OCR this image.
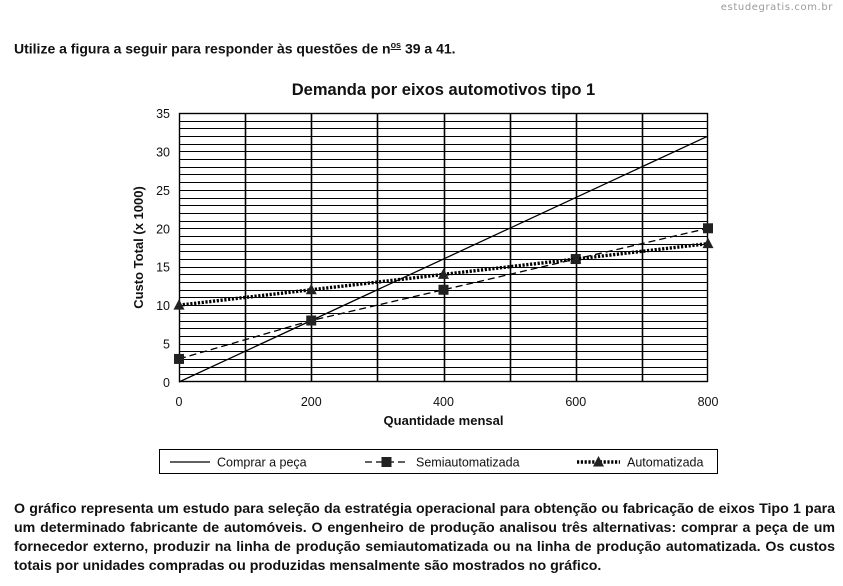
estudegratis.com.br
Utilize a figura a seguir para responder às questões de $n^{os}$ 39 a 41.
Demanda por eixos automotivos tipo 1
0
5
10
15
20
25
30
35
0	200	400	600	800
Quantidade mensal
Custo Total (x 1000)
Comprar a peça	Semiautomatizada	Automatizada

O gráfico representa um estudo para seleção da estratégia operacional para obtenção ou fabricação de eixos Tipo 1 para um determinado fabricante de automóveis. O engenheiro de produção analisou três alternativas: comprar a peça de um fornecedor externo, produzir na linha de produção semiautomatizada ou na linha de produção automatizada. Os custos totais por unidades compradas ou produzidas mensalmente são mostrados no gráfico.
